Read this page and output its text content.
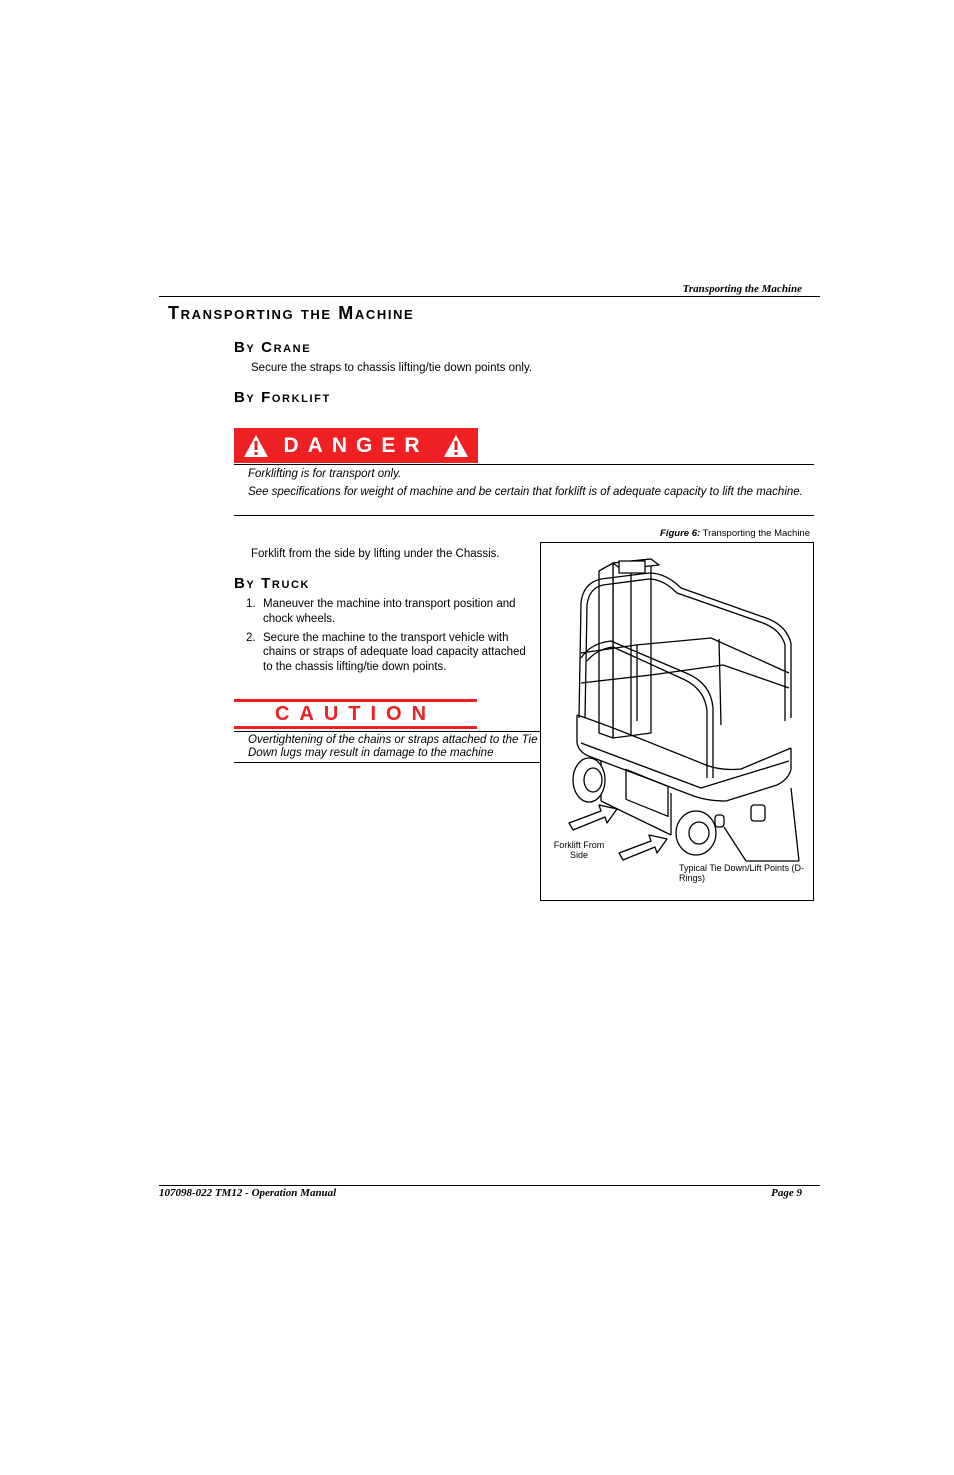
Transporting the Machine
Transporting the Machine
By Crane
Secure the straps to chassis lifting/tie down points only.
By Forklift
DANGER
Forklifting is for transport only.
See specifications for weight of machine and be certain that forklift is of adequate capacity to lift the machine.
Forklift from the side by lifting under the Chassis.
By Truck
1. Maneuver the machine into transport position and chock wheels.
2. Secure the machine to the transport vehicle with chains or straps of adequate load capacity attached to the chassis lifting/tie down points.
CAUTION
Overtightening of the chains or straps attached to the Tie Down lugs may result in damage to the machine
Figure 6: Transporting the Machine
Forklift From Side
Typical Tie Down/Lift Points (D-Rings)
107098-022 TM12 - Operation Manual	Page 9
